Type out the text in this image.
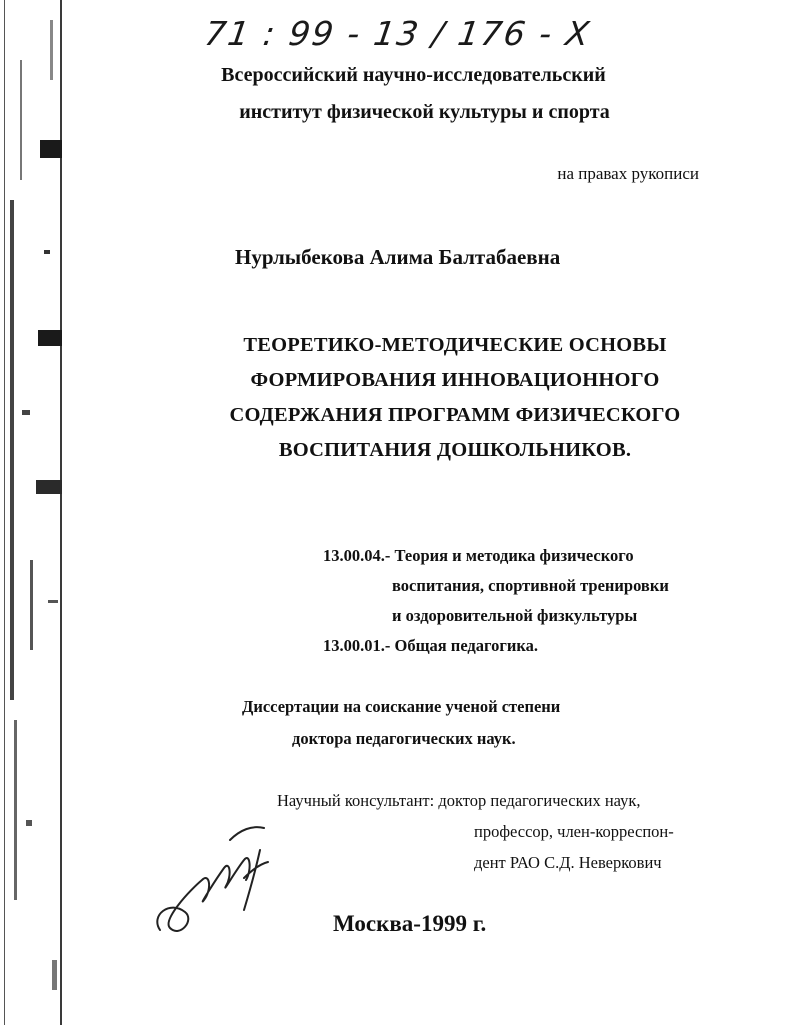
71 : 99 - 13 / 176 - X
Всероссийский научно-исследовательский
институт физической культуры и спорта
на правах рукописи
Нурлыбекова Алима Балтабаевна
ТЕОРЕТИКО-МЕТОДИЧЕСКИЕ ОСНОВЫ
ФОРМИРОВАНИЯ ИННОВАЦИОННОГО
СОДЕРЖАНИЯ ПРОГРАММ ФИЗИЧЕСКОГО
ВОСПИТАНИЯ ДОШКОЛЬНИКОВ.
13.00.04.- Теория и методика физического
воспитания, спортивной тренировки
и оздоровительной физкультуры
13.00.01.- Общая педагогика.
Диссертации на соискание ученой степени
доктора педагогических наук.
Научный консультант: доктор педагогических наук,
профессор, член-корреспон-
дент РАО С.Д. Неверкович
Москва-1999 г.
